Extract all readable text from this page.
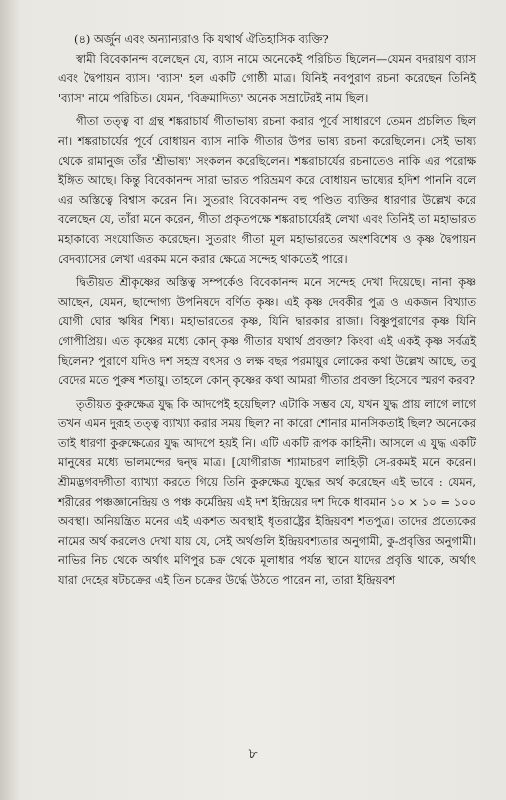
(৪) অর্জুন এবং অন্যান্যরাও কি যথার্থ ঐতিহাসিক ব্যক্তি?

স্বামী বিবেকানন্দ বলেছেন যে, ব্যাস নামে অনেকেই পরিচিত ছিলেন—যেমন বদরায়ণ ব্যাস এবং দ্বৈপায়ন ব্যাস। 'ব্যাস' হল একটি গোষ্ঠী মাত্র। যিনিই নবপুরাণ রচনা করেছেন তিনিই 'ব্যাস' নামে পরিচিত। যেমন, 'বিক্রমাদিত্য' অনেক সম্রাটেরই নাম ছিল।

গীতা তত্ত্ব বা গ্রন্থ শঙ্করাচার্য গীতাভাষ্য রচনা করার পূর্বে সাধারণে তেমন প্রচলিত ছিল না। শঙ্করাচার্যের পূর্বে বোধায়ন ব্যাস নাকি গীতার উপর ভাষ্য রচনা করেছিলেন। সেই ভাষ্য থেকে রামানুজ তাঁর 'শ্রীভাষ্য' সংকলন করেছিলেন। শঙ্করাচার্যের রচনাতেও নাকি এর পরোক্ষ ইঙ্গিত আছে। কিন্তু বিবেকানন্দ সারা ভারত পরিভ্রমণ করে বোধায়ন ভাষ্যের হদিশ পাননি বলে এর অস্তিত্বে বিশ্বাস করেন নি। সুতরাং বিবেকানন্দ বহু পণ্ডিত ব্যক্তির ধারণার উল্লেখ করে বলেছেন যে, তাঁরা মনে করেন, গীতা প্রকৃতপক্ষে শঙ্করাচার্যেরই লেখা এবং তিনিই তা মহাভারত মহাকাব্যে সংযোজিত করেছেন। সুতরাং গীতা মূল মহাভারতের অংশবিশেষ ও কৃষ্ণ দ্বৈপায়ন বেদব্যাসের লেখা এরকম মনে করার ক্ষেত্রে সন্দেহ থাকতেই পারে।

দ্বিতীয়ত শ্রীকৃষ্ণের অস্তিত্ব সম্পর্কেও বিবেকানন্দ মনে সন্দেহ দেখা দিয়েছে। নানা কৃষ্ণ আছেন, যেমন, ছান্দোগ্য উপনিষদে বর্ণিত কৃষ্ণ। এই কৃষ্ণ দেবকীর পুত্র ও একজন বিখ্যাত যোগী ঘোর ঋষির শিষ্য। মহাভারতের কৃষ্ণ, যিনি দ্বারকার রাজা। বিষ্ণুপুরাণের কৃষ্ণ যিনি গোপীপ্রিয়। এত কৃষ্ণের মধ্যে কোন্ কৃষ্ণ গীতার যথার্থ প্রবক্তা? কিংবা এই একই কৃষ্ণ সর্বত্রই ছিলেন? পুরাণে যদিও দশ সহস্র বৎসর ও লক্ষ বছর পরমায়ুর লোকের কথা উল্লেখ আছে, তবু বেদের মতে পুরুষ শতায়ু। তাহলে কোন্ কৃষ্ণের কথা আমরা গীতার প্রবক্তা হিসেবে স্মরণ করব?

তৃতীয়ত কুরুক্ষেত্র যুদ্ধ কি আদপেই হয়েছিল? এটাকি সম্ভব যে, যখন যুদ্ধ প্রায় লাগে লাগে তখন এমন দুরূহ তত্ত্ব ব্যাখ্যা করার সময় ছিল? না কারো শোনার মানসিকতাই ছিল? অনেকের তাই ধারণা কুরুক্ষেত্রের যুদ্ধ আদপে হয়ই নি। এটি একটি রূপক কাহিনী। আসলে এ যুদ্ধ একটি মানুষের মধ্যে ভালমন্দের দ্বন্দ্ব মাত্র। [যোগীরাজ শ্যামাচরণ লাহিড়ী সে-রকমই মনে করেন। শ্রীমদ্ভগবদ্গীতা ব্যাখ্যা করতে গিয়ে তিনি কুরুক্ষেত্র যুদ্ধের অর্থ করেছেন এই ভাবে : যেমন, শরীরের পঞ্চজ্ঞানেন্দ্রিয় ও পঞ্চ কর্মেন্দ্রিয় এই দশ ইন্দ্রিয়ের দশ দিকে ধাবমান ১০ × ১০ = ১০০ অবস্থা। অনিয়ন্ত্রিত মনের এই একশত অবস্থাই ধৃতরাষ্ট্রের ইন্দ্রিয়বশ শতপুত্র। তাদের প্রত্যেকের নামের অর্থ করলেও দেখা যায় যে, সেই অর্থগুলি ইন্দ্রিয়বশ্যতার অনুগামী, কু-প্রবৃত্তির অনুগামী। নাভির নিচ থেকে অর্থাৎ মণিপুর চক্র থেকে মূলাধার পর্যন্ত স্থানে যাদের প্রবৃত্তি থাকে, অর্থাৎ যারা দেহের ষটচক্রের এই তিন চক্রের উর্দ্ধে উঠতে পারেন না, তারা ইন্দ্রিয়বশ

৮
